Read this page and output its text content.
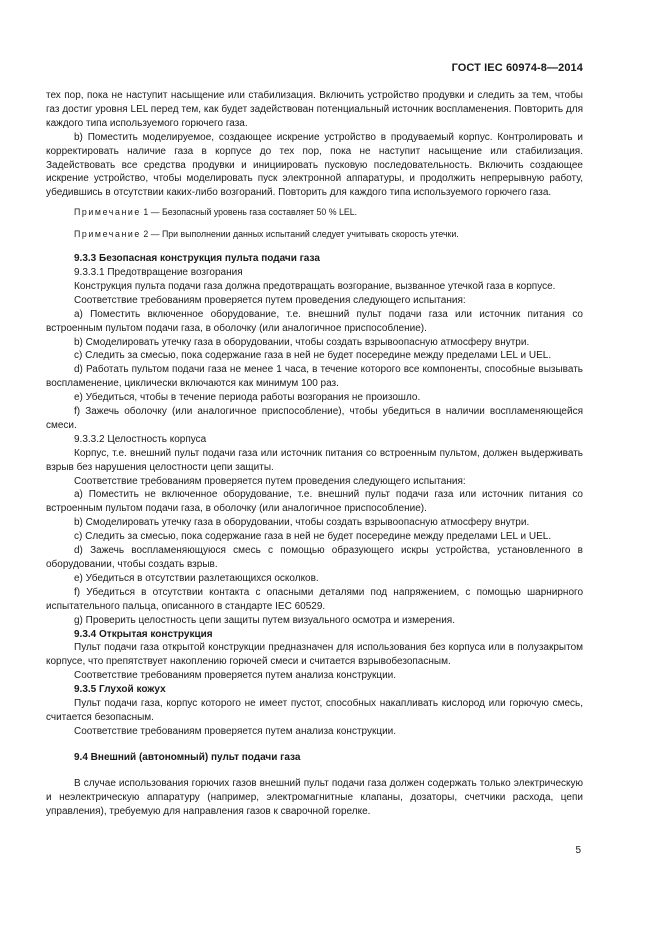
ГОСТ IEC 60974-8—2014

тех пор, пока не наступит насыщение или стабилизация. Включить устройство продувки и следить за тем, чтобы газ достиг уровня LEL перед тем, как будет задействован потенциальный источник воспламенения. Повторить для каждого типа используемого горючего газа.

b) Поместить моделируемое, создающее искрение устройство в продуваемый корпус. Контролировать и корректировать наличие газа в корпусе до тех пор, пока не наступит насыщение или стабилизация. Задействовать все средства продувки и инициировать пусковую последовательность. Включить создающее искрение устройство, чтобы моделировать пуск электронной аппаратуры, и продолжить непрерывную работу, убедившись в отсутствии каких-либо возгораний. Повторить для каждого типа используемого горючего газа.

Примечание 1 — Безопасный уровень газа составляет 50 % LEL.

Примечание 2 — При выполнении данных испытаний следует учитывать скорость утечки.

9.3.3 Безопасная конструкция пульта подачи газа

9.3.3.1 Предотвращение возгорания

Конструкция пульта подачи газа должна предотвращать возгорание, вызванное утечкой газа в корпусе.

Соответствие требованиям проверяется путем проведения следующего испытания:

a) Поместить включенное оборудование, т.е. внешний пульт подачи газа или источник питания со встроенным пультом подачи газа, в оболочку (или аналогичное приспособление).

b) Смоделировать утечку газа в оборудовании, чтобы создать взрывоопасную атмосферу внутри.

c) Следить за смесью, пока содержание газа в ней не будет посередине между пределами LEL и UEL.

d) Работать пультом подачи газа не менее 1 часа, в течение которого все компоненты, способные вызывать воспламенение, циклически включаются как минимум 100 раз.

e) Убедиться, чтобы в течение периода работы возгорания не произошло.

f) Зажечь оболочку (или аналогичное приспособление), чтобы убедиться в наличии воспламеняющейся смеси.

9.3.3.2 Целостность корпуса

Корпус, т.е. внешний пульт подачи газа или источник питания со встроенным пультом, должен выдерживать взрыв без нарушения целостности цепи защиты.

Соответствие требованиям проверяется путем проведения следующего испытания:

a) Поместить не включенное оборудование, т.е. внешний пульт подачи газа или источник питания со встроенным пультом подачи газа, в оболочку (или аналогичное приспособление).

b) Смоделировать утечку газа в оборудовании, чтобы создать взрывоопасную атмосферу внутри.

c) Следить за смесью, пока содержание газа в ней не будет посередине между пределами LEL и UEL.

d) Зажечь воспламеняющуюся смесь с помощью образующего искры устройства, установленного в оборудовании, чтобы создать взрыв.

e) Убедиться в отсутствии разлетающихся осколков.

f) Убедиться в отсутствии контакта с опасными деталями под напряжением, с помощью шарнирного испытательного пальца, описанного в стандарте IEC 60529.

g) Проверить целостность цепи защиты путем визуального осмотра и измерения.

9.3.4 Открытая конструкция

Пульт подачи газа открытой конструкции предназначен для использования без корпуса или в полузакрытом корпусе, что препятствует накоплению горючей смеси и считается взрывобезопасным.

Соответствие требованиям проверяется путем анализа конструкции.

9.3.5 Глухой кожух

Пульт подачи газа, корпус которого не имеет пустот, способных накапливать кислород или горючую смесь, считается безопасным.

Соответствие требованиям проверяется путем анализа конструкции.

9.4 Внешний (автономный) пульт подачи газа

В случае использования горючих газов внешний пульт подачи газа должен содержать только электрическую и неэлектрическую аппаратуру (например, электромагнитные клапаны, дозаторы, счетчики расхода, цепи управления), требуемую для направления газов к сварочной горелке.

5
